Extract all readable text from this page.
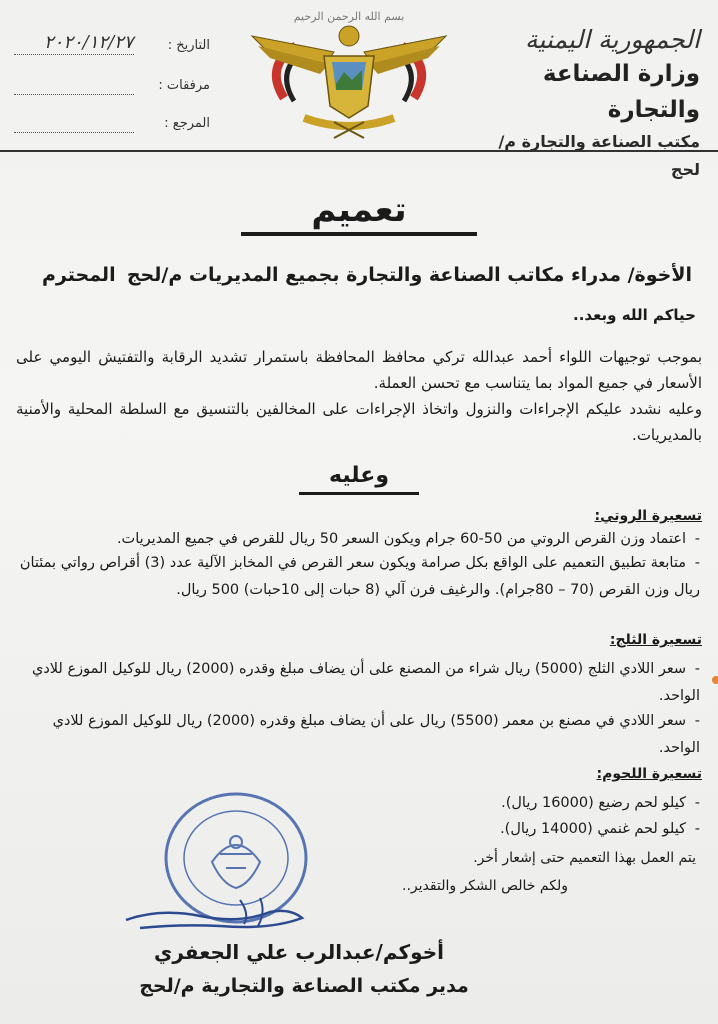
الجمهورية اليمنية
وزارة الصناعة والتجارة
مكتب الصناعة والتجارة م/لحج
بسم الله الرحمن الرحيم
التاريخ :
٢٠٢٠/١٢/٢٧
مرفقات :
المرجع :
تعميم
الأخوة/ مدراء مكاتب الصناعة والتجارة بجميع المديريات م/لحج
المحترم
حياكم الله وبعد..
بموجب توجيهات اللواء أحمد عبدالله تركي محافظ المحافظة باستمرار تشديد الرقابة والتفتيش اليومي على الأسعار في جميع المواد بما يتناسب مع تحسن العملة.
وعليه نشدد عليكم الإجراءات والنزول واتخاذ الإجراءات على المخالفين بالتنسيق مع السلطة المحلية والأمنية بالمديريات.
وعليه
تسعيرة الروتي:
-اعتماد وزن القرص الروتي من 50-60 جرام ويكون السعر 50 ريال للقرص في جميع المديريات.
-متابعة تطبيق التعميم على الواقع بكل صرامة ويكون سعر القرص في المخابز الآلية عدد (3) أقراص رواتي بمئتان ريال وزن القرص (70 – 80جرام). والرغيف فرن آلي (8 حبات إلى 10حبات) 500 ريال.
تسعيرة الثلج:
-سعر اللادي الثلج (5000) ريال شراء من المصنع على أن يضاف مبلغ وقدره (2000) ريال للوكيل الموزع للادي الواحد.
-سعر اللادي في مصنع بن معمر (5500) ريال على أن يضاف مبلغ وقدره (2000) ريال للوكيل الموزع للادي الواحد.
تسعيرة اللحوم:
-كيلو لحم رضيع (16000 ريال).
-كيلو لحم غنمي (14000 ريال).
يتم العمل بهذا التعميم حتى إشعار أخر.
ولكم خالص الشكر والتقدير..
أخوكم/عبدالرب علي الجعفري
مدير مكتب الصناعة والتجارية م/لحج
